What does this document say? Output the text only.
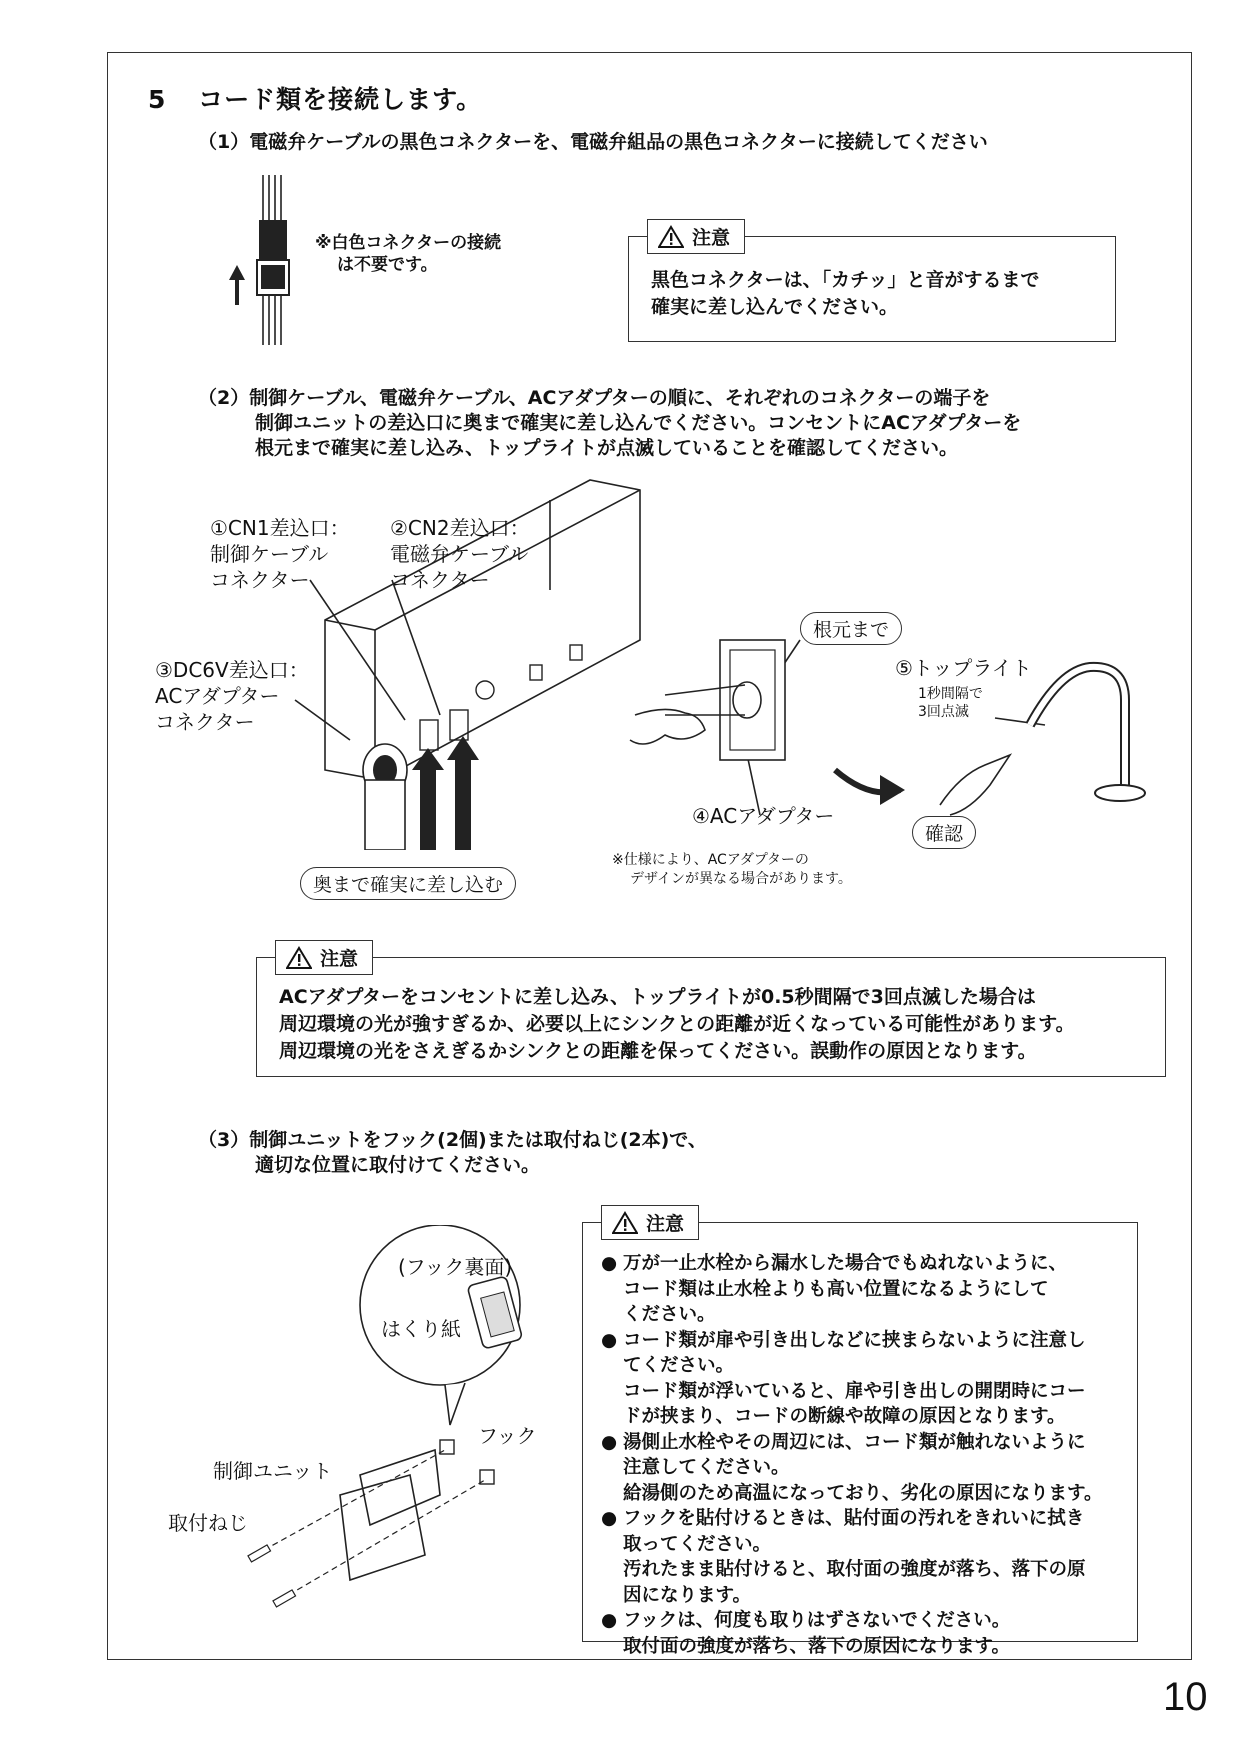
5 コード類を接続します。
（1）電磁弁ケーブルの黒色コネクターを、電磁弁組品の黒色コネクターに接続してください
※白色コネクターの接続
は不要です。
注意
黒色コネクターは、「カチッ」と音がするまで
確実に差し込んでください。
（2）制御ケーブル、電磁弁ケーブル、ACアダプターの順に、それぞれのコネクターの端子を
制御ユニットの差込口に奥まで確実に差し込んでください。コンセントにACアダプターを
根元まで確実に差し込み、トップライトが点滅していることを確認してください。
①CN1差込口：
制御ケーブル
コネクター
②CN2差込口：
電磁弁ケーブル
コネクター
③DC6V差込口：
ACアダプター
コネクター
根元まで
⑤トップライト
1秒間隔で
3回点滅
④ACアダプター
確認
奥まで確実に差し込む
※仕様により、ACアダプターの
デザインが異なる場合があります。
注意
ACアダプターをコンセントに差し込み、トップライトが0.5秒間隔で3回点滅した場合は
周辺環境の光が強すぎるか、必要以上にシンクとの距離が近くなっている可能性があります。
周辺環境の光をさえぎるかシンクとの距離を保ってください。誤動作の原因となります。
（3）制御ユニットをフック(2個)または取付ねじ(2本)で、
適切な位置に取付けてください。
(フック裏面)
はくり紙
フック
制御ユニット
取付ねじ
注意
● 万が一止水栓から漏水した場合でもぬれないように、
コード類は止水栓よりも高い位置になるようにして
ください。
● コード類が扉や引き出しなどに挟まらないように注意し
てください。
コード類が浮いていると、扉や引き出しの開閉時にコー
ドが挟まり、コードの断線や故障の原因となります。
● 湯側止水栓やその周辺には、コード類が触れないように
注意してください。
給湯側のため高温になっており、劣化の原因になります。
● フックを貼付けるときは、貼付面の汚れをきれいに拭き
取ってください。
汚れたまま貼付けると、取付面の強度が落ち、落下の原
因になります。
● フックは、何度も取りはずさないでください。
取付面の強度が落ち、落下の原因になります。
10
